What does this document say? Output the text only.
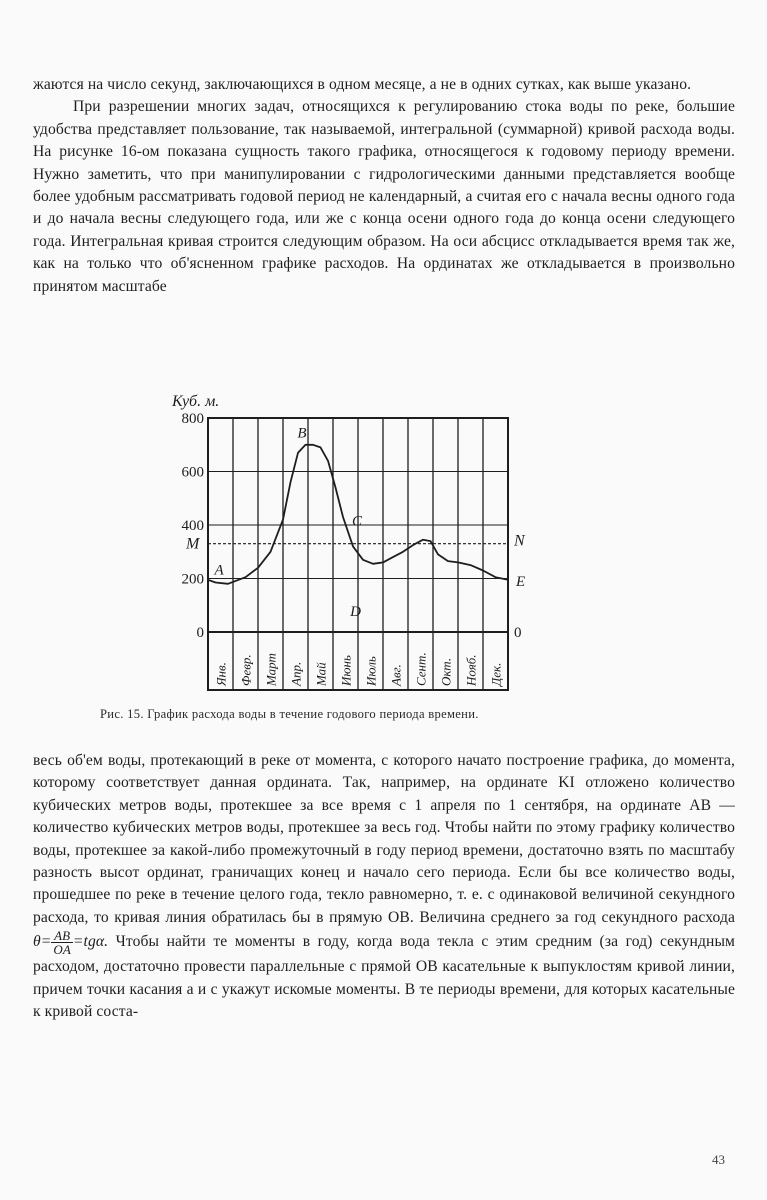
жаются на число секунд, заключающихся в одном месяце, а не в одних сутках, как выше указано.

При разрешении многих задач, относящихся к регулированию стока воды по реке, большие удобства представляет пользование, так называемой, интегральной (суммарной) кривой расхода воды. На рисунке 16-ом показана сущность такого графика, относящегося к годовому периоду времени. Нужно заметить, что при манипулировании с гидрологическими данными представляется вообще более удобным рассматривать годовой период не календарный, а считая его с начала весны одного года и до начала весны следующего года, или же с конца осени одного года до конца осени следующего года. Интегральная кривая строится следующим образом. На оси абсцисс откладывается время так же, как на только что об'ясненном графике расходов. На ординатах же откладывается в произвольно принятом масштабе

800
600
400
200
0	0
Куб. м.
M	N
A
B
C
D
E
Янв. Февр. Март Апр. Май Июнь Июль Авг. Сент. Окт. Нояб. Дек.
Рис. 15. График расхода воды в течение годового периода времени.

весь об'ем воды, протекающий в реке от момента, с которого начато построение графика, до момента, которому соответствует данная ордината. Так, например, на ординате KI отложено количество кубических метров воды, протекшее за все время с 1 апреля по 1 сентября, на ординате AB — количество кубических метров воды, протекшее за весь год. Чтобы найти по этому графику количество воды, протекшее за какой-либо промежуточный в году период времени, достаточно взять по масштабу разность высот ординат, граничащих конец и начало сего периода. Если бы все количество воды, прошедшее по реке в течение целого года, текло равномерно, т. е. с одинаковой величиной секундного расхода, то кривая линия обратилась бы в прямую OB. Величина среднего за год секундного расхода $\theta= \frac{AB}{OA} =tg\alpha$. Чтобы найти те моменты в году, когда вода текла с этим средним (за год) секундным расходом, достаточно провести параллельные с прямой OB касательные к выпуклостям кривой линии, причем точки касания a и c укажут искомые моменты. В те периоды времени, для которых касательные к кривой соста-

43
